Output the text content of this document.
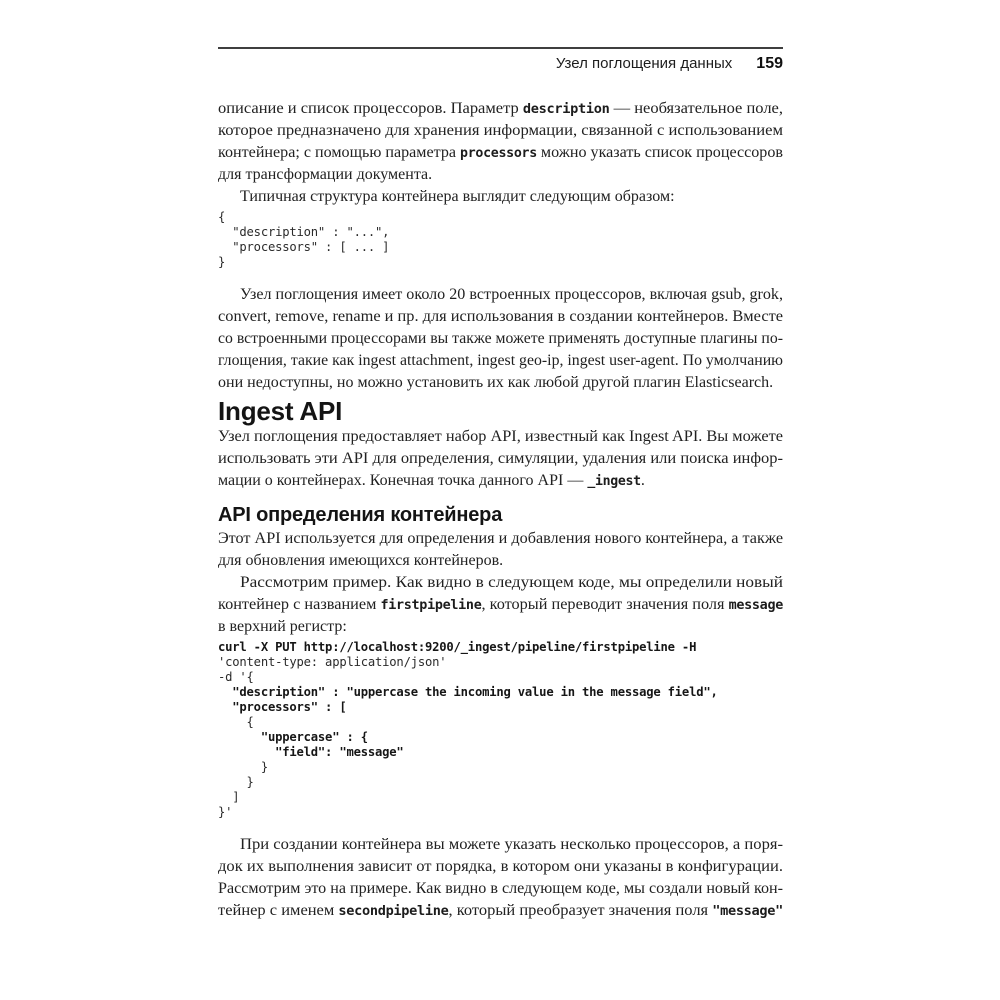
Узел поглощения данных 159
описание и список процессоров. Параметр description — необязательное поле,
которое предназначено для хранения информации, связанной с использованием
контейнера; с помощью параметра processors можно указать список процессоров
для трансформации документа.
Типичная структура контейнера выглядит следующим образом:
{
"description" : "...",
"processors" : [ ... ]
}
Узел поглощения имеет около 20 встроенных процессоров, включая gsub, grok,
convert, remove, rename и пр. для использования в создании контейнеров. Вместе
со встроенными процессорами вы также можете применять доступные плагины по-
глощения, такие как ingest attachment, ingest geo-ip, ingest user-agent. По умолчанию
они недоступны, но можно установить их как любой другой плагин Elasticsearch.
Ingest API
Узел поглощения предоставляет набор API, известный как Ingest API. Вы можете
использовать эти API для определения, симуляции, удаления или поиска инфор-
мации о контейнерах. Конечная точка данного API — _ingest.
API определения контейнера
Этот API используется для определения и добавления нового контейнера, а также
для обновления имеющихся контейнеров.
Рассмотрим пример. Как видно в следующем коде, мы определили новый
контейнер с названием firstpipeline, который переводит значения поля message
в верхний регистр:
curl -X PUT http://localhost:9200/_ingest/pipeline/firstpipeline -H
'content-type: application/json'
-d '{
"description" : "uppercase the incoming value in the message field",
"processors" : [
{
"uppercase" : {
"field": "message"
}
}
]
}'
При создании контейнера вы можете указать несколько процессоров, а поря-
док их выполнения зависит от порядка, в котором они указаны в конфигурации.
Рассмотрим это на примере. Как видно в следующем коде, мы создали новый кон-
тейнер с именем secondpipeline, который преобразует значения поля "message"
